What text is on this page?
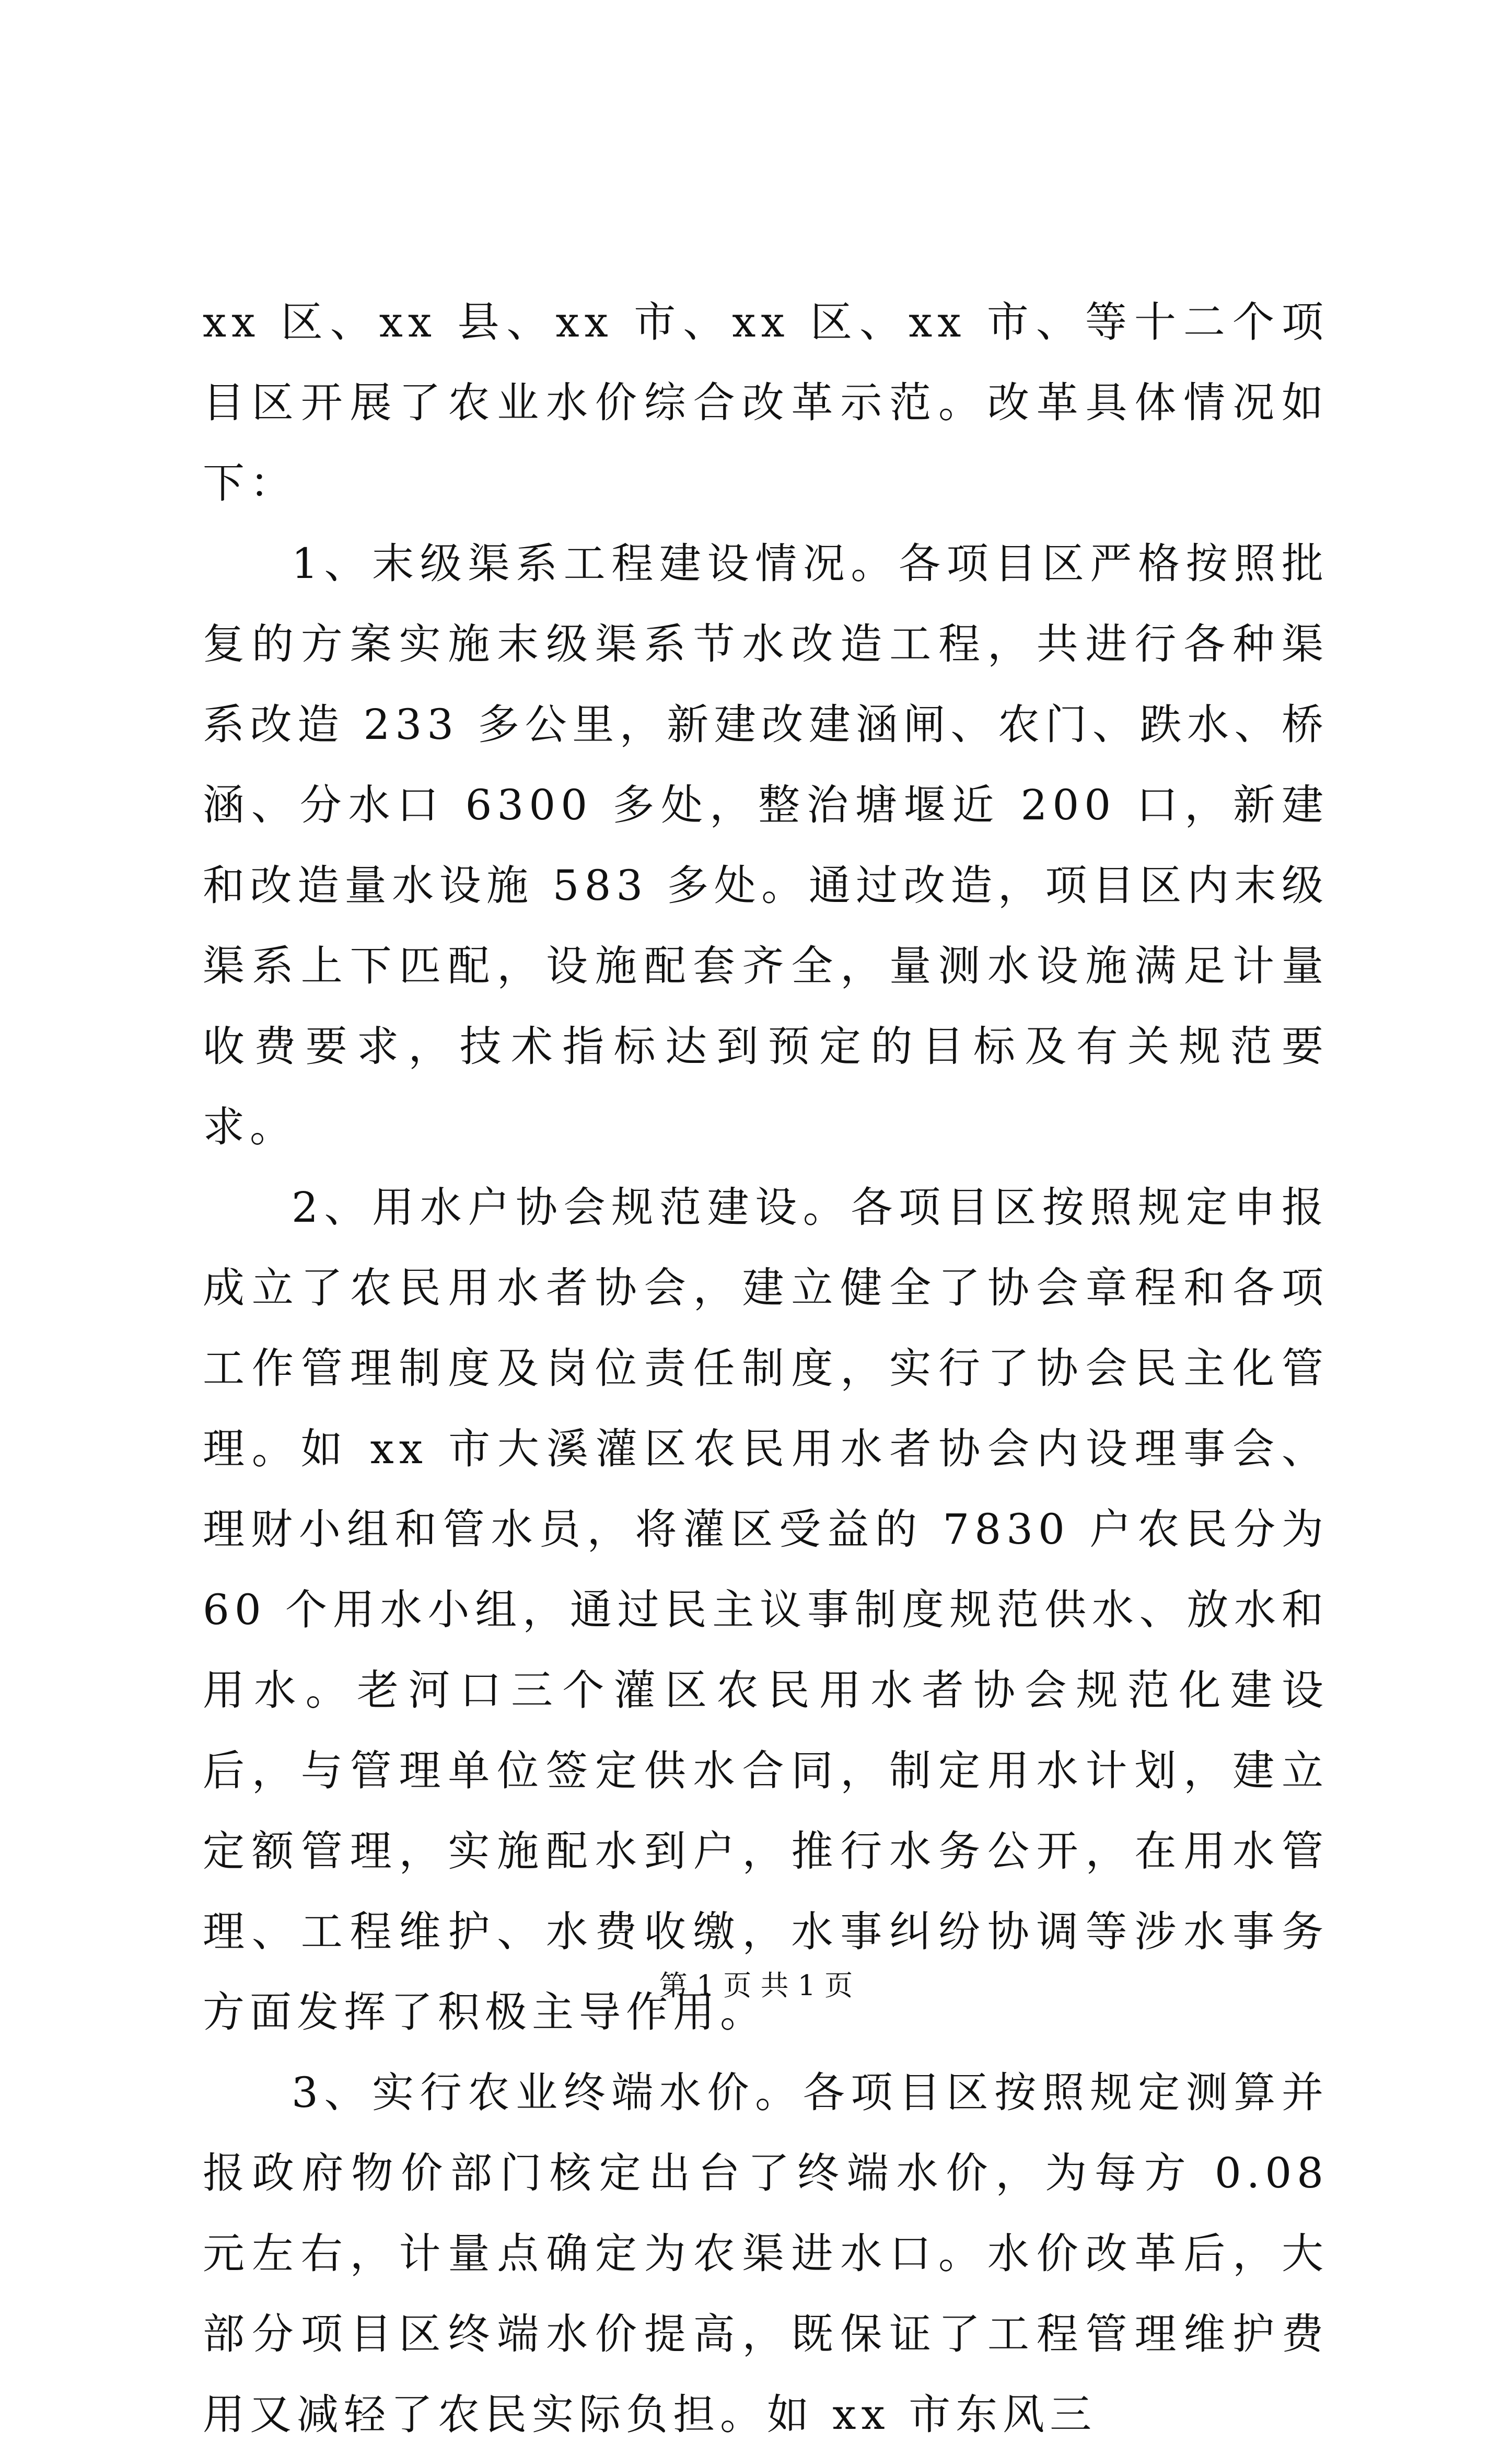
xx 区、xx 县、xx 市、xx 区、xx 市、等十二个项目区开展了农业水价综合改革示范。改革具体情况如下：

1、末级渠系工程建设情况。各项目区严格按照批复的方案实施末级渠系节水改造工程，共进行各种渠系改造 233 多公里，新建改建涵闸、农门、跌水、桥涵、分水口 6300 多处，整治塘堰近 200 口，新建和改造量水设施 583 多处。通过改造，项目区内末级渠系上下匹配，设施配套齐全，量测水设施满足计量收费要求，技术指标达到预定的目标及有关规范要求。

2、用水户协会规范建设。各项目区按照规定申报成立了农民用水者协会，建立健全了协会章程和各项工作管理制度及岗位责任制度，实行了协会民主化管理。如 xx 市大溪灌区农民用水者协会内设理事会、理财小组和管水员，将灌区受益的 7830 户农民分为 60 个用水小组，通过民主议事制度规范供水、放水和用水。老河口三个灌区农民用水者协会规范化建设后，与管理单位签定供水合同，制定用水计划，建立定额管理，实施配水到户，推行水务公开，在用水管理、工程维护、水费收缴，水事纠纷协调等涉水事务方面发挥了积极主导作用。

3、实行农业终端水价。各项目区按照规定测算并报政府物价部门核定出台了终端水价，为每方 0.08 元左右，计量点确定为农渠进水口。水价改革后，大部分项目区终端水价提高，既保证了工程管理维护费用又减轻了农民实际负担。如 xx 市东风三

第 1 页 共 1 页
